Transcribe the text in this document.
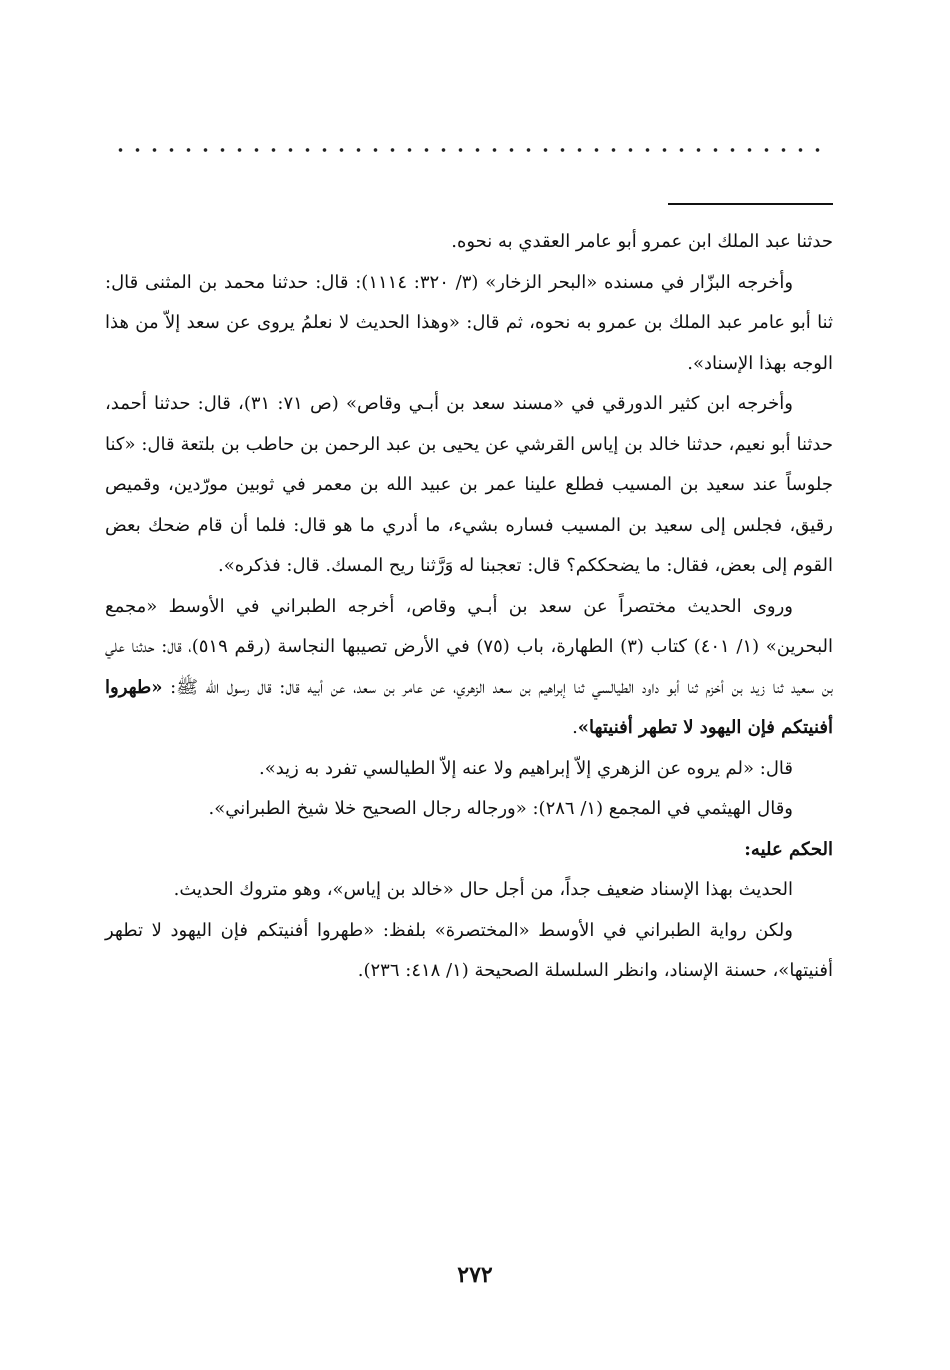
حدثنا عبد الملك ابن عمرو أبو عامر العقدي به نحوه.

وأخرجه البزّار في مسنده «البحر الزخار» (٣/ ٣٢٠: ١١١٤): قال: حدثنا محمد بن المثنى قال: ثنا أبو عامر عبد الملك بن عمرو به نحوه، ثم قال: «وهذا الحديث لا نعلمُ يروى عن سعد إلاّ من هذا الوجه بهذا الإسناد».

وأخرجه ابن كثير الدورقي في «مسند سعد بن أبـي وقاص» (ص ٧١: ٣١)، قال: حدثنا أحمد، حدثنا أبو نعيم، حدثنا خالد بن إياس القرشي عن يحيى بن عبد الرحمن بن حاطب بن بلتعة قال: «كنا جلوساً عند سعيد بن المسيب فطلع علينا عمر بن عبيد الله بن معمر في ثوبين مورّدين، وقميص رقيق، فجلس إلى سعيد بن المسيب فساره بشيء، ما أدري ما هو قال: فلما أن قام ضحك بعض القوم إلى بعض، فقال: ما يضحككم؟ قال: تعجبنا له وَرَّثنا ريح المسك. قال: فذكره».

وروى الحديث مختصراً عن سعد بن أبـي وقاص، أخرجه الطبراني في الأوسط «مجمع البحرين» (١/ ٤٠١) كتاب (٣) الطهارة، باب (٧٥) في الأرض تصيبها النجاسة (رقم ٥١٩)، قال: حدثنا علي بن سعيد ثنا زيد بن أخزم ثنا أبو داود الطيالسي ثنا إبراهيم بن سعد الزهري، عن عامر بن سعد، عن أبيه قال: قال رسول الله ﷺ: «طهروا أفنيتكم فإن اليهود لا تطهر أفنيتها».

قال: «لم يروه عن الزهري إلاّ إبراهيم ولا عنه إلاّ الطيالسي تفرد به زيد».

وقال الهيثمي في المجمع (١/ ٢٨٦): «ورجاله رجال الصحيح خلا شيخ الطبراني».

الحكم عليه:

الحديث بهذا الإسناد ضعيف جداً، من أجل حال «خالد بن إياس»، وهو متروك الحديث.

ولكن رواية الطبراني في الأوسط «المختصرة» بلفظ: «طهروا أفنيتكم فإن اليهود لا تطهر أفنيتها»، حسنة الإسناد، وانظر السلسلة الصحيحة (١/ ٤١٨: ٢٣٦).

٢٧٢
